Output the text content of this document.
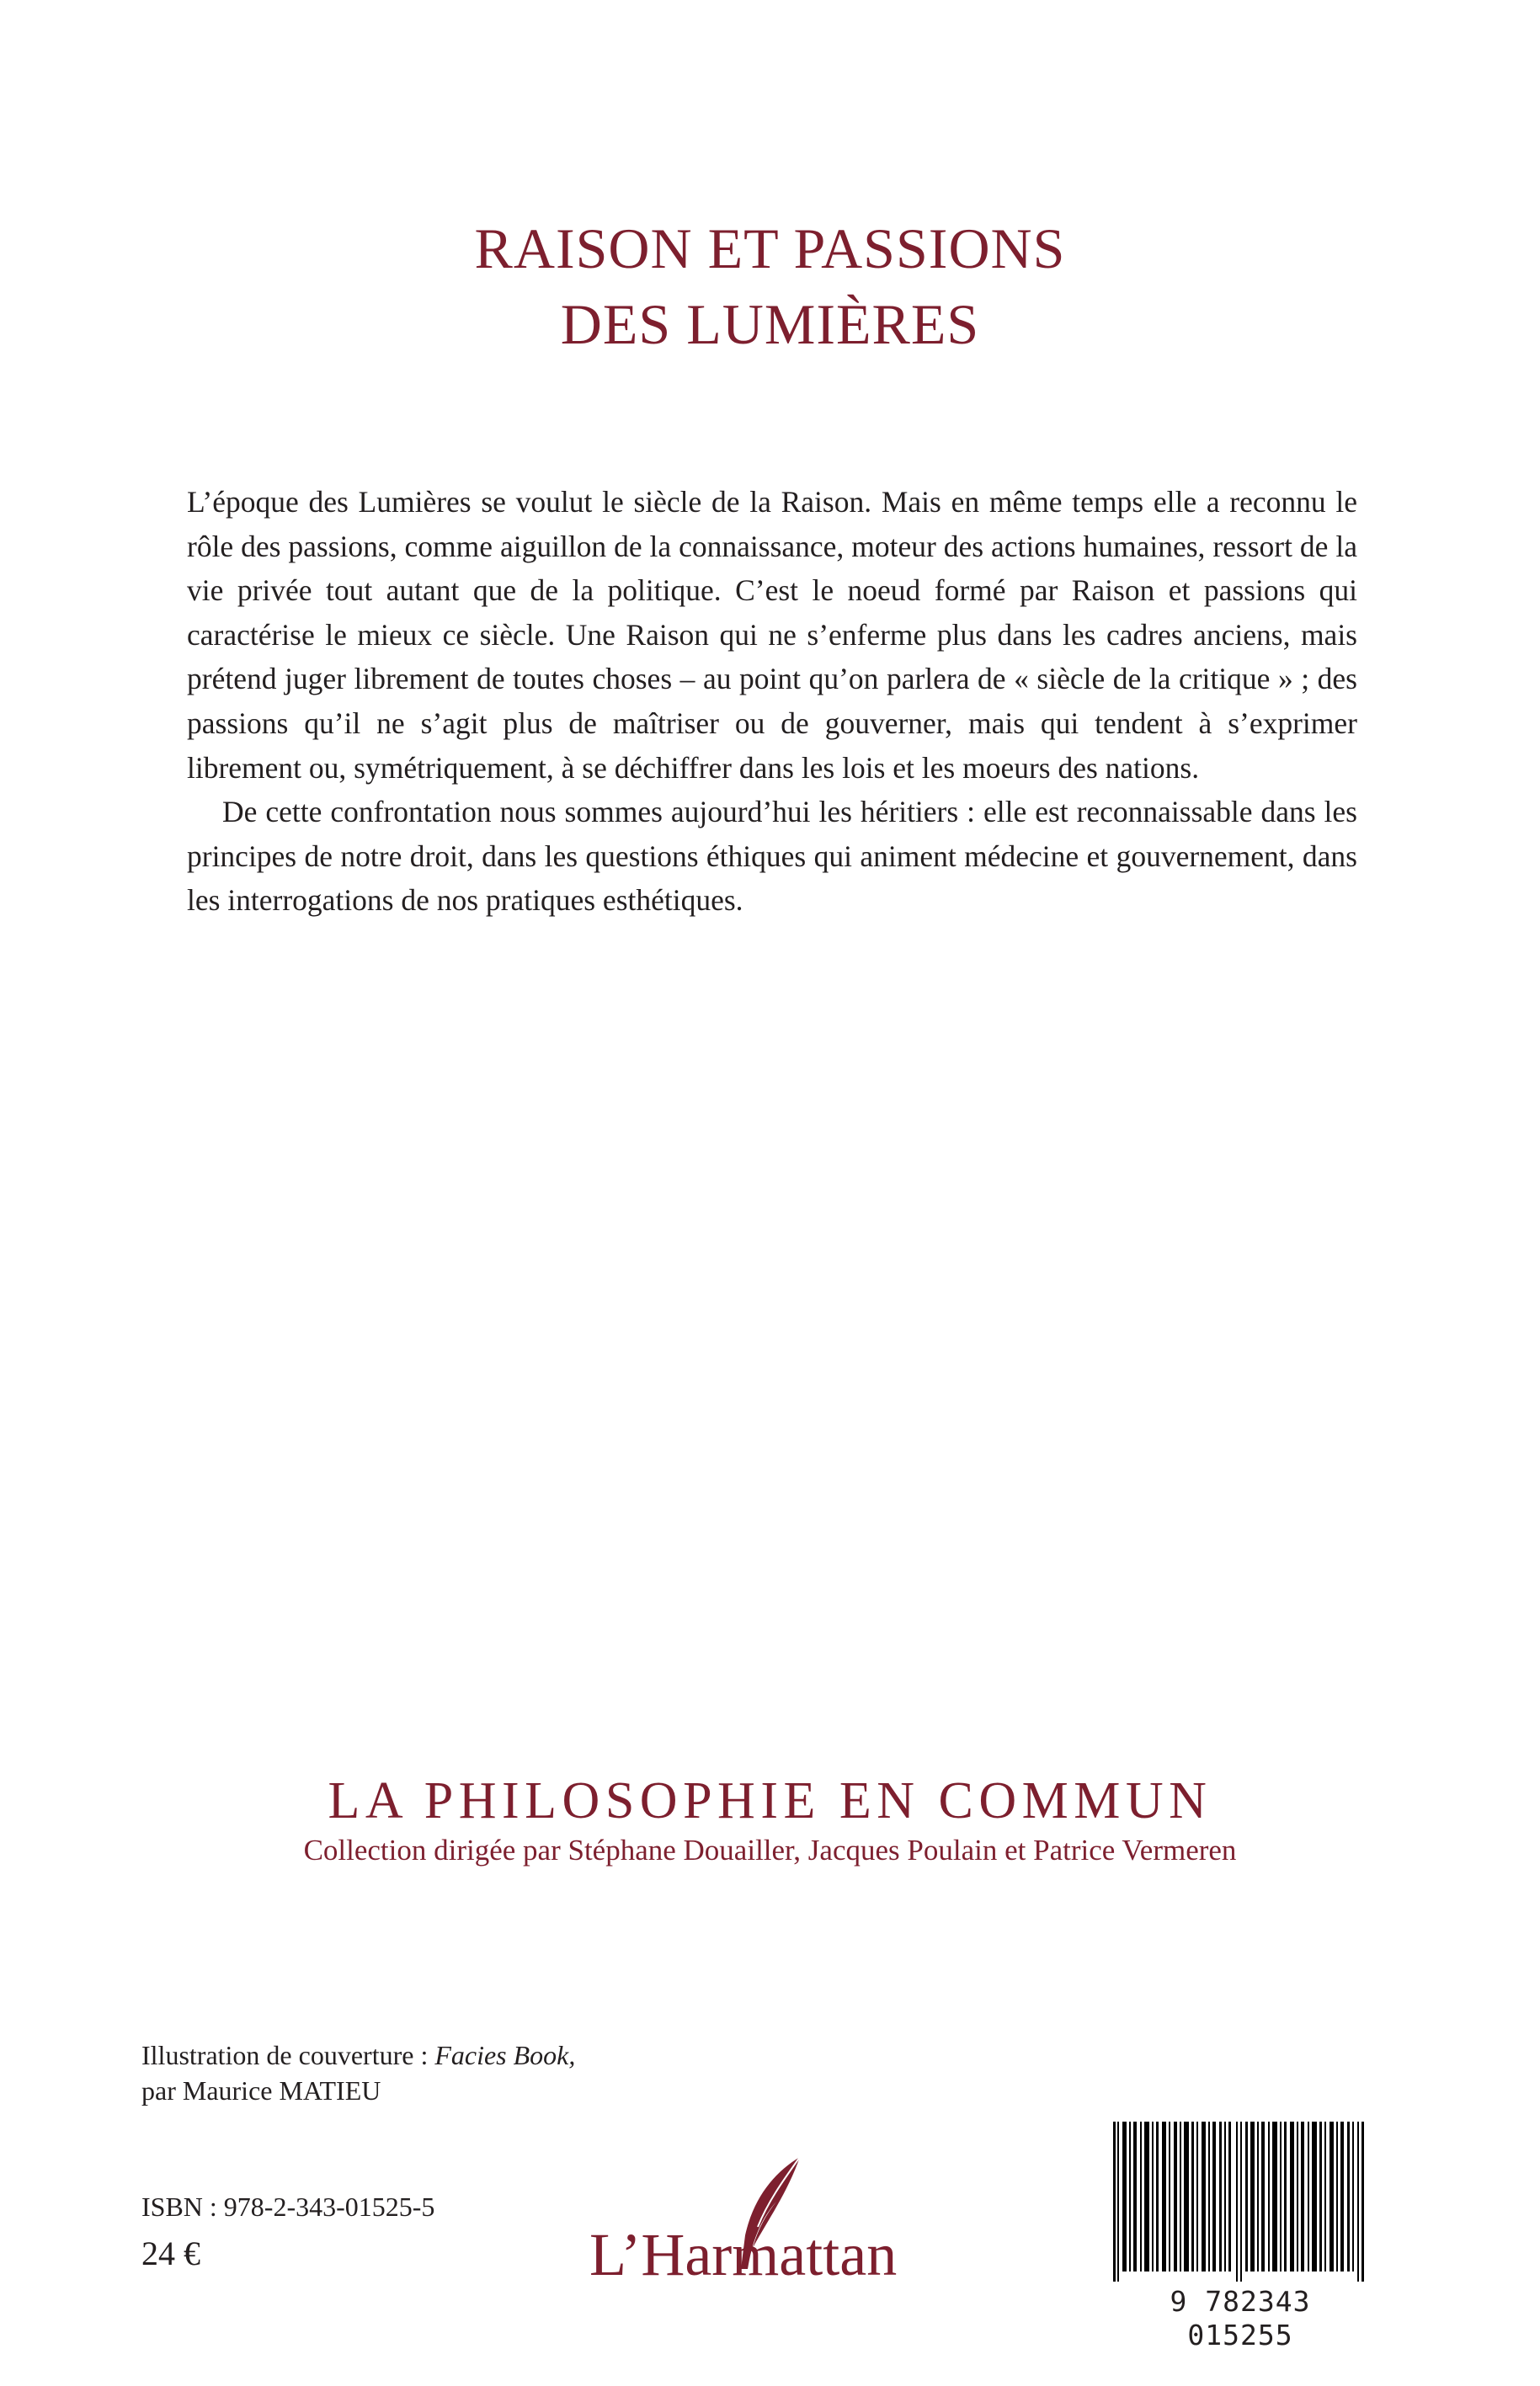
RAISON ET PASSIONS
DES LUMIÈRES

L’époque des Lumières se voulut le siècle de la Raison. Mais en même temps elle a reconnu le rôle des passions, comme aiguillon de la connaissance, moteur des actions humaines, ressort de la vie privée tout autant que de la politique. C’est le noeud formé par Raison et passions qui caractérise le mieux ce siècle. Une Raison qui ne s’enferme plus dans les cadres anciens, mais prétend juger librement de toutes choses – au point qu’on parlera de « siècle de la critique » ; des passions qu’il ne s’agit plus de maîtriser ou de gouverner, mais qui tendent à s’exprimer librement ou, symétriquement, à se déchiffrer dans les lois et les moeurs des nations.

De cette confrontation nous sommes aujourd’hui les héritiers : elle est reconnaissable dans les principes de notre droit, dans les questions éthiques qui animent médecine et gouvernement, dans les interrogations de nos pratiques esthétiques.

LA PHILOSOPHIE EN COMMUN
Collection dirigée par Stéphane Douailler, Jacques Poulain et Patrice Vermeren
Illustration de couverture : Facies Book,
par Maurice MATIEU
ISBN : 978-2-343-01525-5
24 €	L’Harmattan
9 782343 015255
